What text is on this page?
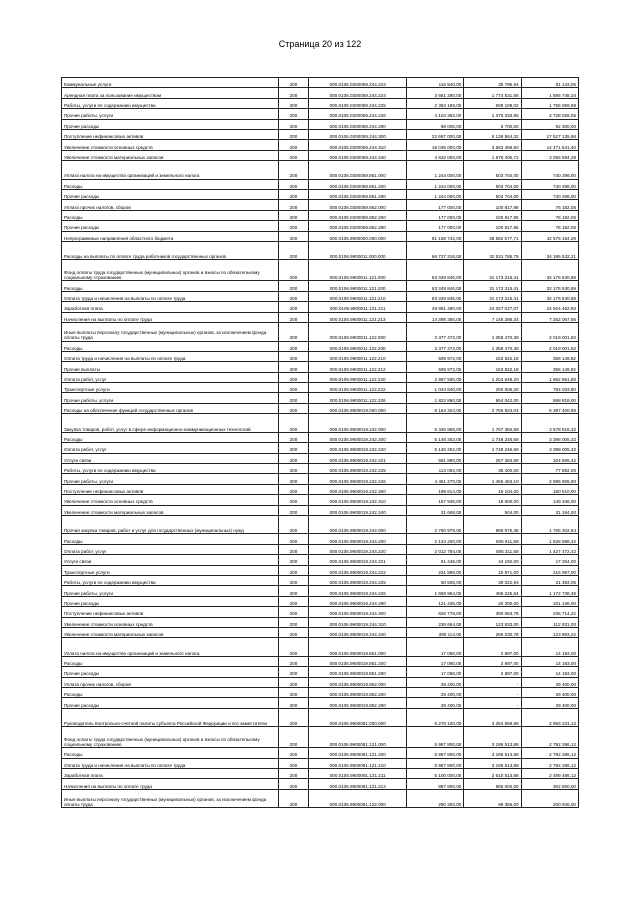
Страница 20 из 122
Коммунальные услуги	200	000.0106.0300059.244.223	116 940,00	35 796,94	81 143,06
Арендная плата за пользование имуществом	200	000.0106.0300059.244.224	3 661 280,00	1 774 531,66	1 886 748,34
Работы, услуги по содержанию имущества	200	000.0106.0300059.244.225	2 363 168,00	608 108,02	1 755 059,98
Прочие работы, услуги	200	000.0106.0300059.244.226	4 104 362,00	1 376 333,95	2 728 028,05
Прочие расходы	200	000.0106.0300059.244.290	98 000,00	5 700,00	92 300,00
Поступление нефинансовых активов	200	000.0106.0300059.244.300	22 667 000,00	5 139 864,32	17 527 135,68
Увеличение стоимости основных средств	200	000.0106.0300059.244.310	18 035 000,00	3 563 458,60	14 471 541,40
Увеличение стоимости материальных запасов	200	000.0106.0300059.244.340	4 632 000,00	1 576 405,72	3 055 594,28
Уплата налога на имущество организаций и земельного налога	200	000.0106.0300059.851.000	1 244 000,00	503 704,00	740 296,00
Расходы	200	000.0106.0300059.851.200	1 244 000,00	503 704,00	740 296,00
Прочие расходы	200	000.0106.0300059.851.290	1 244 000,00	503 704,00	740 296,00
Уплата прочих налогов, сборов	200	000.0106.0300059.852.000	177 000,00	100 817,95	76 182,05
Расходы	200	000.0106.0300059.852.200	177 000,00	100 817,95	76 182,05
Прочие расходы	200	000.0106.0300059.852.290	177 000,00	100 817,95	76 182,05
Непрограммные направления областного бюджета	200	000.0106.9900000.000.000	81 158 742,00	38 582 577,71	42 576 164,29
Расходы на выплаты по оплате труда работников государственных органов	200	000.0106.9900011.000.000	66 727 318,00	32 531 785,79	34 195 532,21
Фонд оплаты труда государственных (муниципальных) органов и взносы по обязательному социальному страхованию	200	000.0106.9900011.121.000	63 349 846,00	31 173 315,41	32 176 530,59
Расходы	200	000.0106.9900011.121.200	63 349 846,00	31 173 315,41	32 176 530,59
Оплата труда и начисления на выплаты по оплате труда	200	000.0106.9900011.121.210	63 349 846,00	31 173 315,41	32 176 530,59
Заработная плата	200	000.0106.9900011.121.211	48 951 490,00	24 027 027,07	24 924 462,93
Начисления на выплаты по оплате труда	200	000.0106.9900011.121.213	14 398 356,00	7 146 288,34	7 252 067,66
Иные выплаты персоналу государственных (муниципальных) органов, за исключением фонда оплаты труда	200	000.0106.9900011.122.000	3 377 472,00	1 358 470,38	2 019 001,62
Расходы	200	000.0106.9900011.122.200	3 377 472,00	1 358 470,38	2 019 001,62
Оплата труда и начисления на выплаты по оплате труда	200	000.0106.9900011.122.210	509 972,00	153 822,18	356 149,82
Прочие выплаты	200	000.0106.9900011.122.212	509 972,00	153 822,18	356 149,82
Оплата работ, услуг	200	000.0106.9900011.122.220	2 867 500,00	1 204 648,20	1 662 851,80
Транспортные услуги	200	000.0106.9900011.122.222	1 044 640,00	250 606,20	794 033,80
Прочие работы, услуги	200	000.0106.9900011.122.226	1 822 860,00	954 042,00	868 818,00
Расходы на обеспечение функций государственных органов	200	000.0106.9900019.000.000	8 153 324,00	2 765 923,04	5 387 400,96
Закупка товаров, работ, услуг в сфере информационно-коммуникационных технологий	200	000.0106.9900019.242.000	5 345 866,00	1 767 350,68	3 578 515,32
Расходы	200	000.0106.9900019.242.200	5 146 252,00	1 748 246,68	3 398 005,32
Оплата работ, услуг	200	000.0106.9900019.242.220	5 146 252,00	1 748 246,68	3 398 005,32
Услуги связи	200	000.0106.9900019.242.221	581 890,00	257 383,58	324 506,42
Работы, услуги по содержанию имущества	200	000.0106.9900019.242.225	113 092,00	35 400,00	77 692,00
Прочие работы, услуги	200	000.0106.9900019.242.226	4 451 270,00	1 455 463,10	2 995 806,90
Поступление нефинансовых активов	200	000.0106.9900019.242.300	199 614,00	19 104,00	180 510,00
Увеличение стоимости основных средств	200	000.0106.9900019.242.310	167 946,00	18 600,00	149 346,00
Увеличение стоимости материальных запасов	200	000.0106.9900019.242.340	31 668,00	504,00	31 164,00
Прочая закупка товаров, работ и услуг для государственных (муниципальных) нужд	200	000.0106.9900019.244.000	2 760 978,00	995 675,36	1 765 302,64
Расходы	200	000.0106.9900019.244.200	2 134 200,00	605 611,58	1 528 588,42
Оплата работ, услуг	200	000.0106.9900019.244.220	2 012 784,00	585 311,58	1 427 472,42
Услуги связи	200	000.0106.9900019.244.221	61 446,00	44 192,00	17 254,00
Транспортные услуги	200	000.0106.9900019.244.222	231 868,00	15 871,00	215 997,00
Работы, услуги по содержанию имущества	200	000.0106.9900019.244.225	60 506,00	39 022,94	21 483,06
Прочие работы, услуги	200	000.0106.9900019.244.226	1 658 964,00	486 225,64	1 172 738,36
Прочие расходы	200	000.0106.9900019.244.290	121 436,00	20 300,00	101 136,00
Поступление нефинансовых активов	200	000.0106.9900019.244.300	626 778,00	390 063,78	236 714,22
Увеличение стоимости основных средств	200	000.0106.9900019.244.310	236 664,00	123 833,00	112 831,00
Увеличение стоимости материальных запасов	200	000.0106.9900019.244.340	390 114,00	266 230,78	123 883,22
Уплата налога на имущество организаций и земельного налога	200	000.0106.9900019.851.000	17 080,00	2 897,00	14 183,00
Расходы	200	000.0106.9900019.851.200	17 080,00	2 897,00	14 183,00
Прочие расходы	200	000.0106.9900019.851.290	17 080,00	2 897,00	14 183,00
Уплата прочих налогов, сборов	200	000.0106.9900019.852.000	29 400,00	-	29 400,00
Расходы	200	000.0106.9900019.852.200	29 400,00	-	29 400,00
Прочие расходы	200	000.0106.9900019.852.290	29 400,00	-	29 400,00
Руководитель Контрольно-счетной палаты субъекта Российской Федерации и его заместители	200	000.0106.9900081.000.000	6 278 100,00	3 284 868,88	2 993 231,12
Фонд оплаты труда государственных (муниципальных) органов и взносы по обязательному социальному страхованию	200	000.0106.9900081.121.000	5 987 800,00	3 195 513,88	2 792 286,12
Расходы	200	000.0106.9900081.121.200	5 987 800,00	3 195 513,88	2 792 286,12
Оплата труда и начисления на выплаты по оплате труда	200	000.0106.9900081.121.210	5 987 800,00	3 195 513,88	2 792 286,12
Заработная плата	200	000.0106.9900081.121.211	5 100 000,00	2 610 513,88	2 489 486,12
Начисления на выплаты по оплате труда	200	000.0106.9900081.121.213	887 800,00	585 000,00	302 800,00
Иные выплаты персоналу государственных (муниципальных) органов, за исключением фонда оплаты труда	200	000.0106.9900081.122.000	290 300,00	89 355,00	200 945,00
